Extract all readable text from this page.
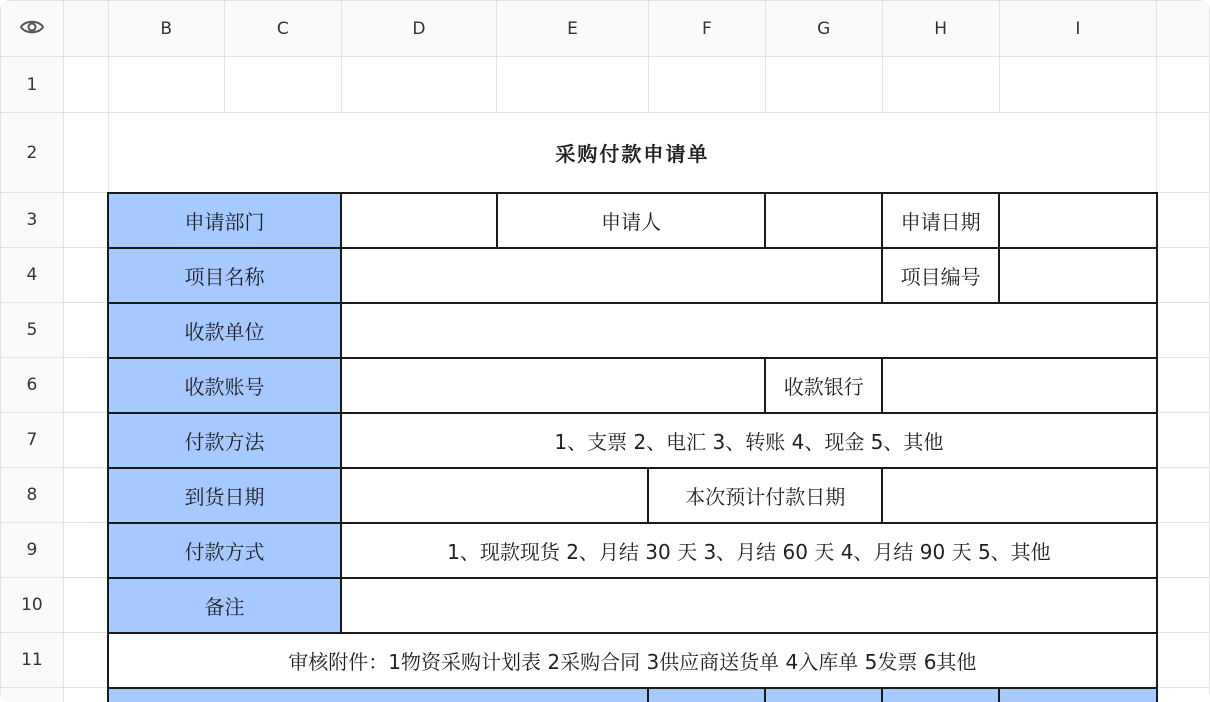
		B	C	D	E	F	G	H	I	
1										
2		采购付款申请单								
3		申请部门			申请人			申请日期		
4		项目名称						项目编号		
5		收款单位								
6		收款账号					收款银行			
7		付款方法		1、支票 2、电汇 3、转账 4、现金 5、其他						
8		到货日期				本次预计付款日期				
9		付款方式		1、现款现货 2、月结 30 天 3、月结 60 天 4、月结 90 天 5、其他						
10		备注								
11		审核附件：1物资采购计划表 2采购合同 3供应商送货单 4入库单 5发票 6其他								
